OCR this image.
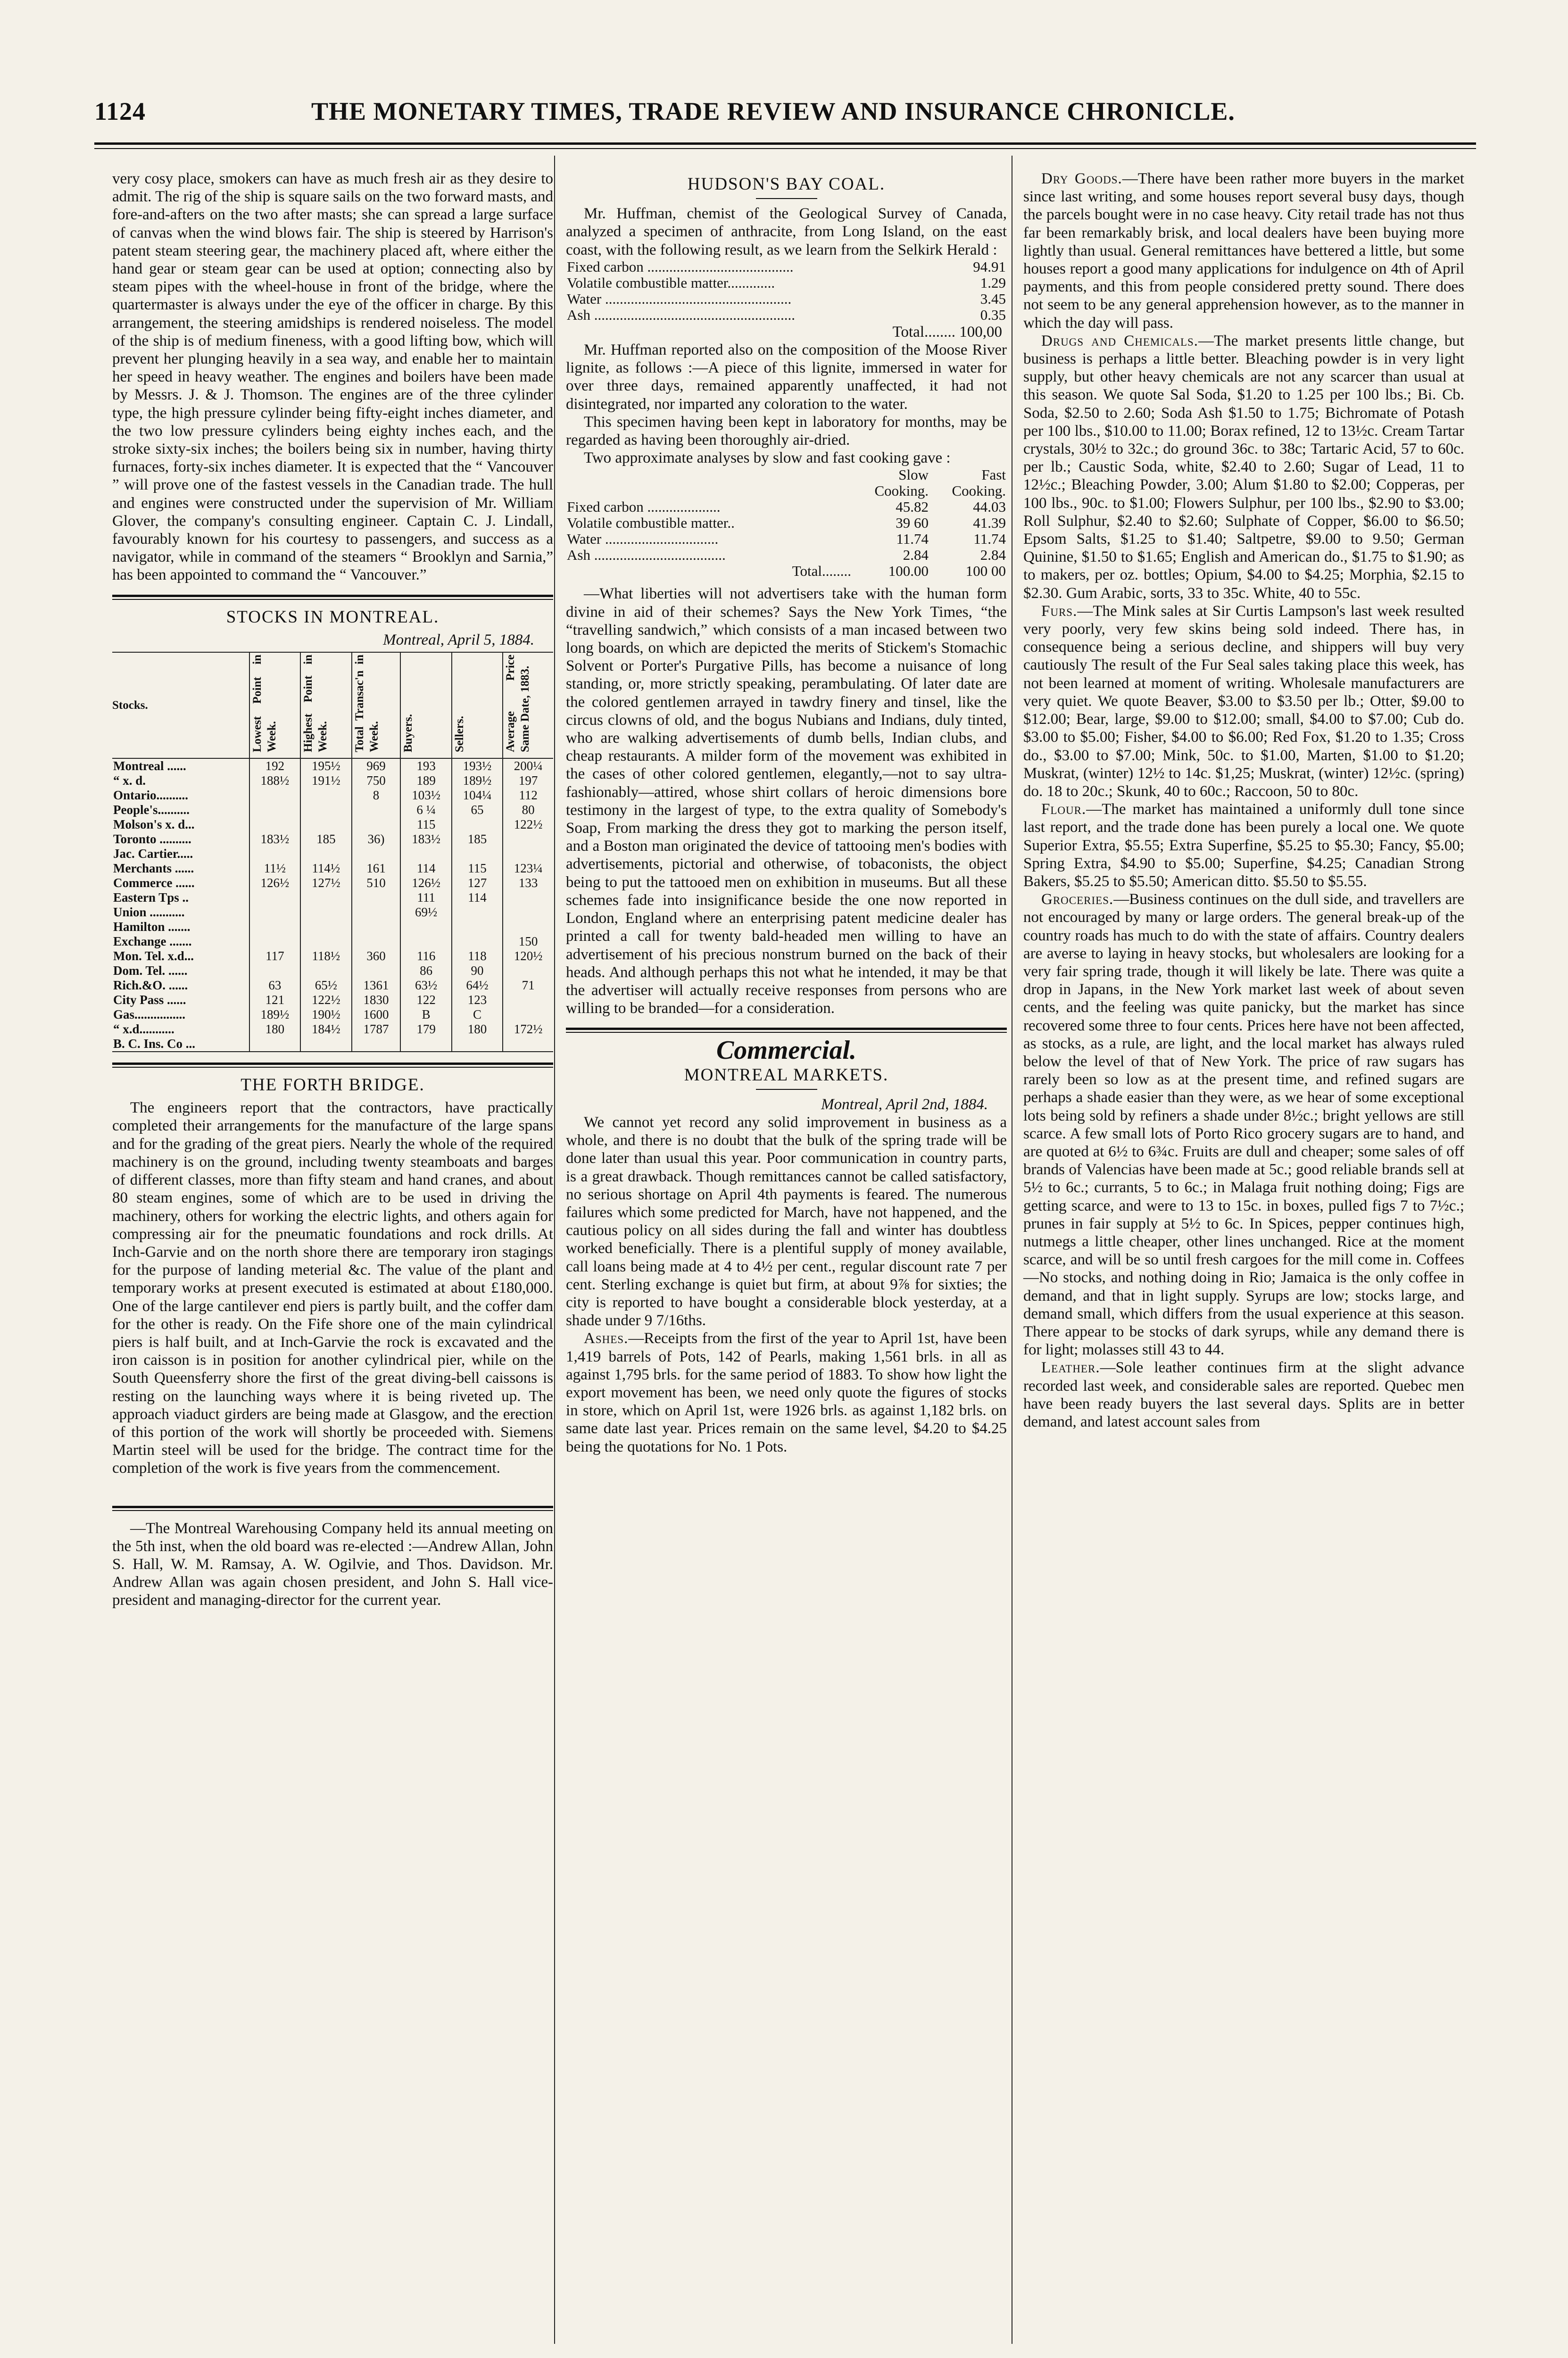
1124	THE MONETARY TIMES, TRADE REVIEW AND INSURANCE CHRONICLE.

very cosy place, smokers can have as much fresh air as they desire to admit. The rig of the ship is square sails on the two forward masts, and fore-and-afters on the two after masts; she can spread a large surface of canvas when the wind blows fair. The ship is steered by Harrison's patent steam steering gear, the machinery placed aft, where either the hand gear or steam gear can be used at option; connecting also by steam pipes with the wheel-house in front of the bridge, where the quartermaster is always under the eye of the officer in charge. By this arrangement, the steering amidships is rendered noiseless. The model of the ship is of medium fineness, with a good lifting bow, which will prevent her plunging heavily in a sea way, and enable her to maintain her speed in heavy weather. The engines and boilers have been made by Messrs. J. & J. Thomson. The engines are of the three cylinder type, the high pressure cylinder being fifty-eight inches diameter, and the two low pressure cylinders being eighty inches each, and the stroke sixty-six inches; the boilers being six in number, having thirty furnaces, forty-six inches diameter. It is expected that the “ Vancouver ” will prove one of the fastest vessels in the Canadian trade. The hull and engines were constructed under the supervision of Mr. William Glover, the company's consulting engineer. Captain C. J. Lindall, favourably known for his courtesy to passengers, and success as a navigator, while in command of the steamers “ Brooklyn and Sarnia,” has been appointed to command the “ Vancouver.”

STOCKS IN MONTREAL.

Montreal, April 5, 1884.

Stocks.	Lowest Point in Week.	Highest Point in Week.	Total Transac'n in Week.	Buyers.	Sellers.	Average Price Same Date, 1883.
Montreal ......	192	195½	969	193	193½	200¼
“ x. d.	188½	191½	750	189	189½	197
Ontario..........			8	103½	104¼	112
People's..........				6 ¼	65	80
Molson's x. d...				115		122½
Toronto ..........	183½	185	36)	183½	185	
Jac. Cartier.....						
Merchants ......	11½	114½	161	114	115	123¼
Commerce ......	126½	127½	510	126½	127	133
Eastern Tps ..				111	114	
Union ...........				69½		
Hamilton .......						
Exchange .......						150
Mon. Tel. x.d...	117	118½	360	116	118	120½
Dom. Tel. ......				86	90	
Rich.&O. ......	63	65½	1361	63½	64½	71
City Pass ......	121	122½	1830	122	123	
Gas................	189½	190½	1600	B	C	
“ x.d...........	180	184½	1787	179	180	172½
B. C. Ins. Co ...						
THE FORTH BRIDGE.

The engineers report that the contractors, have practically completed their arrangements for the manufacture of the large spans and for the grading of the great piers. Nearly the whole of the required machinery is on the ground, including twenty steamboats and barges of different classes, more than fifty steam and hand cranes, and about 80 steam engines, some of which are to be used in driving the machinery, others for working the electric lights, and others again for compressing air for the pneumatic foundations and rock drills. At Inch-Garvie and on the north shore there are temporary iron stagings for the purpose of landing meterial &c. The value of the plant and temporary works at present executed is estimated at about £180,000. One of the large cantilever end piers is partly built, and the coffer dam for the other is ready. On the Fife shore one of the main cylindrical piers is half built, and at Inch-Garvie the rock is excavated and the iron caisson is in position for another cylindrical pier, while on the South Queensferry shore the first of the great diving-bell caissons is resting on the launching ways where it is being riveted up. The approach viaduct girders are being made at Glasgow, and the erection of this portion of the work will shortly be proceeded with. Siemens Martin steel will be used for the bridge. The contract time for the completion of the work is five years from the commencement.

—The Montreal Warehousing Company held its annual meeting on the 5th inst, when the old board was re-elected :—Andrew Allan, John S. Hall, W. M. Ramsay, A. W. Ogilvie, and Thos. Davidson. Mr. Andrew Allan was again chosen president, and John S. Hall vice-president and managing-director for the current year.

HUDSON'S BAY COAL.

Mr. Huffman, chemist of the Geological Survey of Canada, analyzed a specimen of anthracite, from Long Island, on the east coast, with the following result, as we learn from the Selkirk Herald :

Fixed carbon ........................................	94.91
Volatile combustible matter.............	1.29
Water ...................................................	3.45
Ash .......................................................	0.35
Total........ 100,00

Mr. Huffman reported also on the composition of the Moose River lignite, as follows :—A piece of this lignite, immersed in water for over three days, remained apparently unaffected, it had not disintegrated, nor imparted any coloration to the water.

This specimen having been kept in laboratory for months, may be regarded as having been thoroughly air-dried.

Two approximate analyses by slow and fast cooking gave :

	Slow Cooking.	Fast Cooking.
Fixed carbon ....................	45.82	44.03
Volatile combustible matter..	39 60	41.39
Water ...............................	11.74	11.74
Ash ....................................	2.84	2.84
Total........	100.00	100 00

—What liberties will not advertisers take with the human form divine in aid of their schemes? Says the New York Times, “the “travelling sandwich,” which consists of a man incased between two long boards, on which are depicted the merits of Stickem's Stomachic Solvent or Porter's Purgative Pills, has become a nuisance of long standing, or, more strictly speaking, perambulating. Of later date are the colored gentlemen arrayed in tawdry finery and tinsel, like the circus clowns of old, and the bogus Nubians and Indians, duly tinted, who are walking advertisements of dumb bells, Indian clubs, and cheap restaurants. A milder form of the movement was exhibited in the cases of other colored gentlemen, elegantly,—not to say ultra-fashionably—attired, whose shirt collars of heroic dimensions bore testimony in the largest of type, to the extra quality of Somebody's Soap, From marking the dress they got to marking the person itself, and a Boston man originated the device of tattooing men's bodies with advertisements, pictorial and otherwise, of tobaconists, the object being to put the tattooed men on exhibition in museums. But all these schemes fade into insignificance beside the one now reported in London, England where an enterprising patent medicine dealer has printed a call for twenty bald-headed men willing to have an advertisement of his precious nonstrum burned on the back of their heads. And although perhaps this not what he intended, it may be that the advertiser will actually receive responses from persons who are willing to be branded—for a consideration.

Commercial.
MONTREAL MARKETS.

Montreal, April 2nd, 1884.

We cannot yet record any solid improvement in business as a whole, and there is no doubt that the bulk of the spring trade will be done later than usual this year. Poor communication in country parts, is a great drawback. Though remittances cannot be called satisfactory, no serious shortage on April 4th payments is feared. The numerous failures which some predicted for March, have not happened, and the cautious policy on all sides during the fall and winter has doubtless worked beneficially. There is a plentiful supply of money available, call loans being made at 4 to 4½ per cent., regular discount rate 7 per cent. Sterling exchange is quiet but firm, at about 9⅞ for sixties; the city is reported to have bought a considerable block yesterday, at a shade under 9 7/16ths.

Ashes.—Receipts from the first of the year to April 1st, have been 1,419 barrels of Pots, 142 of Pearls, making 1,561 brls. in all as against 1,795 brls. for the same period of 1883. To show how light the export movement has been, we need only quote the figures of stocks in store, which on April 1st, were 1926 brls. as against 1,182 brls. on same date last year. Prices remain on the same level, $4.20 to $4.25 being the quotations for No. 1 Pots.

Dry Goods.—There have been rather more buyers in the market since last writing, and some houses report several busy days, though the parcels bought were in no case heavy. City retail trade has not thus far been remarkably brisk, and local dealers have been buying more lightly than usual. General remittances have bettered a little, but some houses report a good many applications for indulgence on 4th of April payments, and this from people considered pretty sound. There does not seem to be any general apprehension however, as to the manner in which the day will pass.

Drugs and Chemicals.—The market presents little change, but business is perhaps a little better. Bleaching powder is in very light supply, but other heavy chemicals are not any scarcer than usual at this season. We quote Sal Soda, $1.20 to 1.25 per 100 lbs.; Bi. Cb. Soda, $2.50 to 2.60; Soda Ash $1.50 to 1.75; Bichromate of Potash per 100 lbs., $10.00 to 11.00; Borax refined, 12 to 13½c. Cream Tartar crystals, 30½ to 32c.; do ground 36c. to 38c; Tartaric Acid, 57 to 60c. per lb.; Caustic Soda, white, $2.40 to 2.60; Sugar of Lead, 11 to 12½c.; Bleaching Powder, 3.00; Alum $1.80 to $2.00; Copperas, per 100 lbs., 90c. to $1.00; Flowers Sulphur, per 100 lbs., $2.90 to $3.00; Roll Sulphur, $2.40 to $2.60; Sulphate of Copper, $6.00 to $6.50; Epsom Salts, $1.25 to $1.40; Saltpetre, $9.00 to 9.50; German Quinine, $1.50 to $1.65; English and American do., $1.75 to $1.90; as to makers, per oz. bottles; Opium, $4.00 to $4.25; Morphia, $2.15 to $2.30. Gum Arabic, sorts, 33 to 35c. White, 40 to 55c.

Furs.—The Mink sales at Sir Curtis Lampson's last week resulted very poorly, very few skins being sold indeed. There has, in consequence being a serious decline, and shippers will buy very cautiously The result of the Fur Seal sales taking place this week, has not been learned at moment of writing. Wholesale manufacturers are very quiet. We quote Beaver, $3.00 to $3.50 per lb.; Otter, $9.00 to $12.00; Bear, large, $9.00 to $12.00; small, $4.00 to $7.00; Cub do. $3.00 to $5.00; Fisher, $4.00 to $6.00; Red Fox, $1.20 to 1.35; Cross do., $3.00 to $7.00; Mink, 50c. to $1.00, Marten, $1.00 to $1.20; Muskrat, (winter) 12½ to 14c. $1,25; Muskrat, (winter) 12½c. (spring) do. 18 to 20c.; Skunk, 40 to 60c.; Raccoon, 50 to 80c.

Flour.—The market has maintained a uniformly dull tone since last report, and the trade done has been purely a local one. We quote Superior Extra, $5.55; Extra Superfine, $5.25 to $5.30; Fancy, $5.00; Spring Extra, $4.90 to $5.00; Superfine, $4.25; Canadian Strong Bakers, $5.25 to $5.50; American ditto. $5.50 to $5.55.

Groceries.—Business continues on the dull side, and travellers are not encouraged by many or large orders. The general break-up of the country roads has much to do with the state of affairs. Country dealers are averse to laying in heavy stocks, but wholesalers are looking for a very fair spring trade, though it will likely be late. There was quite a drop in Japans, in the New York market last week of about seven cents, and the feeling was quite panicky, but the market has since recovered some three to four cents. Prices here have not been affected, as stocks, as a rule, are light, and the local market has always ruled below the level of that of New York. The price of raw sugars has rarely been so low as at the present time, and refined sugars are perhaps a shade easier than they were, as we hear of some exceptional lots being sold by refiners a shade under 8½c.; bright yellows are still scarce. A few small lots of Porto Rico grocery sugars are to hand, and are quoted at 6½ to 6¾c. Fruits are dull and cheaper; some sales of off brands of Valencias have been made at 5c.; good reliable brands sell at 5½ to 6c.; currants, 5 to 6c.; in Malaga fruit nothing doing; Figs are getting scarce, and were to 13 to 15c. in boxes, pulled figs 7 to 7½c.; prunes in fair supply at 5½ to 6c. In Spices, pepper continues high, nutmegs a little cheaper, other lines unchanged. Rice at the moment scarce, and will be so until fresh cargoes for the mill come in. Coffees—No stocks, and nothing doing in Rio; Jamaica is the only coffee in demand, and that in light supply. Syrups are low; stocks large, and demand small, which differs from the usual experience at this season. There appear to be stocks of dark syrups, while any demand there is for light; molasses still 43 to 44.

Leather.—Sole leather continues firm at the slight advance recorded last week, and considerable sales are reported. Quebec men have been ready buyers the last several days. Splits are in better demand, and latest account sales from
